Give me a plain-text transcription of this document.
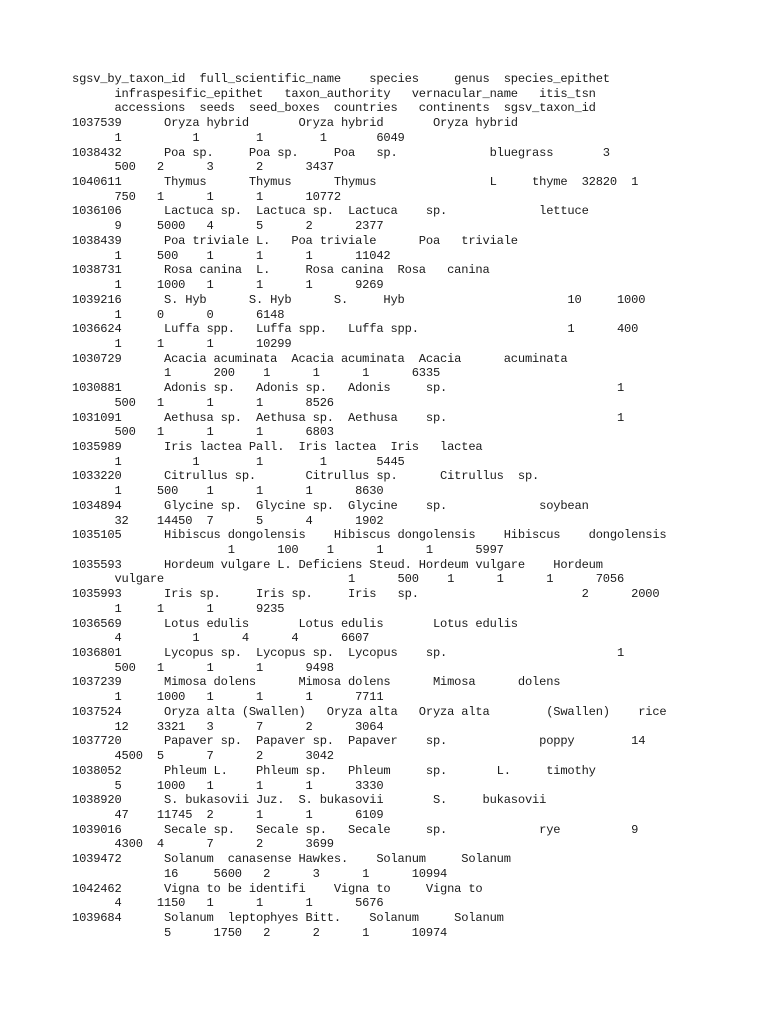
sgsv_by_taxon_id  full_scientific_name    species     genus  species_epithet
infraspesific_epithet   taxon_authority   vernacular_name   itis_tsn
accessions  seeds  seed_boxes  countries   continents  sgsv_taxon_id
1037539      Oryza hybrid       Oryza hybrid       Oryza hybrid
1          1        1        1       6049
1038432      Poa sp.     Poa sp.     Poa   sp.             bluegrass       3
500   2      3      2      3437
1040611      Thymus      Thymus      Thymus                L     thyme  32820  1
750   1      1      1      10772
1036106      Lactuca sp.  Lactuca sp.  Lactuca    sp.             lettuce
9     5000   4      5      2      2377
1038439      Poa triviale L.   Poa triviale      Poa   triviale
1     500    1      1      1      11042
1038731      Rosa canina  L.     Rosa canina  Rosa   canina
1     1000   1      1      1      9269
1039216      S. Hyb      S. Hyb      S.     Hyb                       10     1000
1     0      0      6148
1036624      Luffa spp.   Luffa spp.   Luffa spp.                     1      400
1     1      1      10299
1030729      Acacia acuminata  Acacia acuminata  Acacia      acuminata
1      200    1      1      1      6335
1030881      Adonis sp.   Adonis sp.   Adonis     sp.                        1
500   1      1      1      8526
1031091      Aethusa sp.  Aethusa sp.  Aethusa    sp.                        1
500   1      1      1      6803
1035989      Iris lactea Pall.  Iris lactea  Iris   lactea
1          1        1        1       5445
1033220      Citrullus sp.       Citrullus sp.      Citrullus  sp.
1     500    1      1      1      8630
1034894      Glycine sp.  Glycine sp.  Glycine    sp.             soybean
32    14450  7      5      4      1902
1035105      Hibiscus dongolensis    Hibiscus dongolensis    Hibiscus    dongolensis
1      100    1      1      1      5997
1035593      Hordeum vulgare L. Deficiens Steud. Hordeum vulgare    Hordeum
vulgare                          1      500    1      1      1      7056
1035993      Iris sp.     Iris sp.     Iris   sp.                       2      2000
1     1      1      9235
1036569      Lotus edulis       Lotus edulis       Lotus edulis
4          1      4      4      6607
1036801      Lycopus sp.  Lycopus sp.  Lycopus    sp.                        1
500   1      1      1      9498
1037239      Mimosa dolens      Mimosa dolens      Mimosa      dolens
1     1000   1      1      1      7711
1037524      Oryza alta (Swallen)   Oryza alta   Oryza alta        (Swallen)    rice
12    3321   3      7      2      3064
1037720      Papaver sp.  Papaver sp.  Papaver    sp.             poppy        14
4500  5      7      2      3042
1038052      Phleum L.    Phleum sp.   Phleum     sp.       L.     timothy
5     1000   1      1      1      3330
1038920      S. bukasovii Juz.  S. bukasovii       S.     bukasovii
47    11745  2      1      1      6109
1039016      Secale sp.   Secale sp.   Secale     sp.             rye          9
4300  4      7      2      3699
1039472      Solanum  canasense Hawkes.    Solanum     Solanum
16     5600   2      3      1      10994
1042462      Vigna to be identifi    Vigna to     Vigna to
4     1150   1      1      1      5676
1039684      Solanum  leptophyes Bitt.    Solanum     Solanum
5      1750   2      2      1      10974
